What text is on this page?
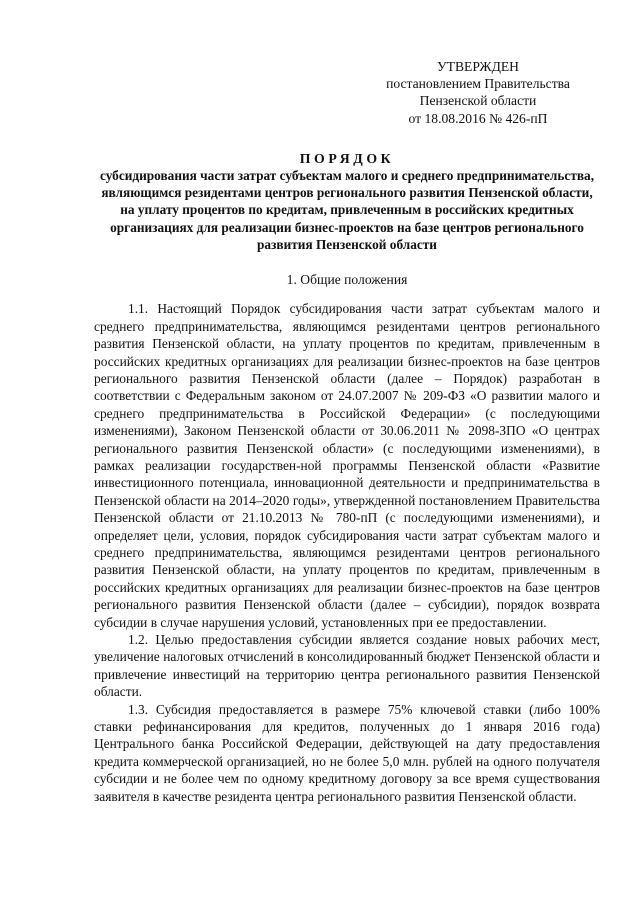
УТВЕРЖДЕН
постановлением Правительства
Пензенской области
от 18.08.2016 № 426-пП
ПОРЯДОК
субсидирования части затрат субъектам малого и среднего предпринимательства, являющимся резидентами центров регионального развития Пензенской области, на уплату процентов по кредитам, привлеченным в российских кредитных организациях для реализации бизнес-проектов на базе центров регионального развития Пензенской области
1. Общие положения

1.1. Настоящий Порядок субсидирования части затрат субъектам малого и среднего предпринимательства, являющимся резидентами центров регионального развития Пензенской области, на уплату процентов по кредитам, привлеченным в российских кредитных организациях для реализации бизнес-проектов на базе центров регионального развития Пензенской области (далее – Порядок) разработан в соответствии с Федеральным законом от 24.07.2007 № 209-ФЗ «О развитии малого и среднего предпринимательства в Российской Федерации» (с последующими изменениями), Законом Пензенской области от 30.06.2011 № 2098-ЗПО «О центрах регионального развития Пензенской области» (с последующими изменениями), в рамках реализации государствен-ной программы Пензенской области «Развитие инвестиционного потенциала, инновационной деятельности и предпринимательства в Пензенской области на 2014–2020 годы», утвержденной постановлением Правительства Пензенской области от 21.10.2013 № 780-пП (с последующими изменениями), и определяет цели, условия, порядок субсидирования части затрат субъектам малого и среднего предпринимательства, являющимся резидентами центров регионального развития Пензенской области, на уплату процентов по кредитам, привлеченным в российских кредитных организациях для реализации бизнес-проектов на базе центров регионального развития Пензенской области (далее – субсидии), порядок возврата субсидии в случае нарушения условий, установленных при ее предоставлении.

1.2. Целью предоставления субсидии является создание новых рабочих мест, увеличение налоговых отчислений в консолидированный бюджет Пензенской области и привлечение инвестиций на территорию центра регионального развития Пензенской области.

1.3. Субсидия предоставляется в размере 75% ключевой ставки (либо 100% ставки рефинансирования для кредитов, полученных до 1 января 2016 года) Центрального банка Российской Федерации, действующей на дату предоставления кредита коммерческой организацией, но не более 5,0 млн. рублей на одного получателя субсидии и не более чем по одному кредитному договору за все время существования заявителя в качестве резидента центра регионального развития Пензенской области.
